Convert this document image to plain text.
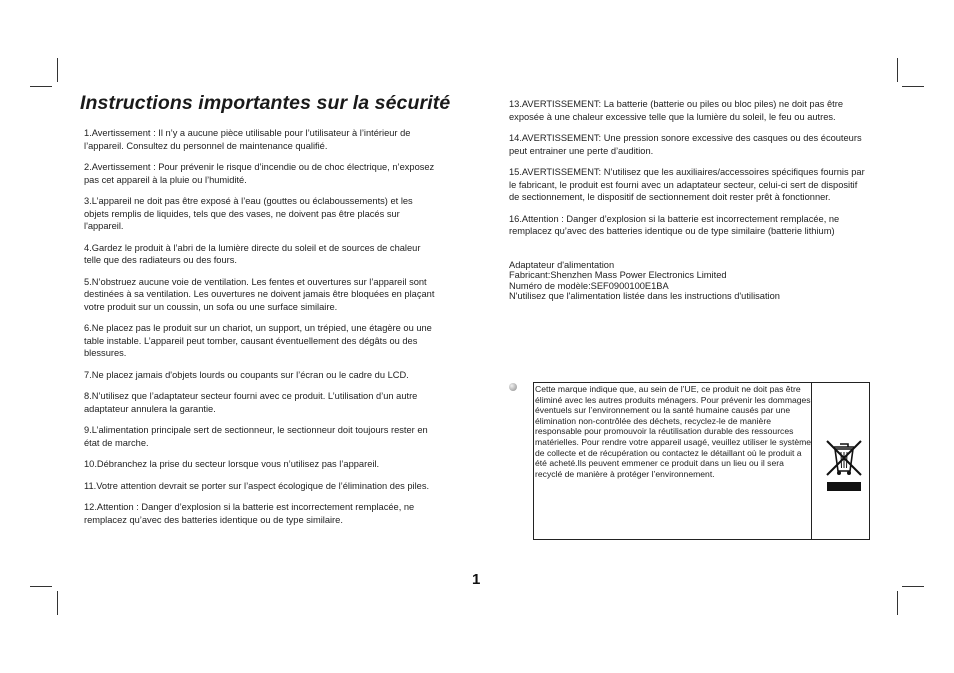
Instructions importantes sur la sécurité

1.Avertissement : Il n’y a aucune pièce utilisable pour l’utilisateur à l’intérieur de l’appareil. Consultez du personnel de maintenance qualifié.

2.Avertissement : Pour prévenir le risque d’incendie ou de choc électrique, n’exposez pas cet appareil à la pluie ou l’humidité.

3.L’appareil ne doit pas être exposé à l’eau (gouttes ou éclaboussements) et les objets remplis de liquides, tels que des vases, ne doivent pas être placés sur l'appareil.

4.Gardez le produit à l’abri de la lumière directe du soleil et de sources de chaleur telle que des radiateurs ou des fours.

5.N’obstruez aucune voie de ventilation. Les fentes et ouvertures sur l’appareil sont destinées à sa ventilation. Les ouvertures ne doivent jamais être bloquées en plaçant votre produit sur un coussin, un sofa ou une surface similaire.

6.Ne placez pas le produit sur un chariot, un support, un trépied, une étagère ou une
table instable. L’appareil peut tomber, causant éventuellement des dégâts ou des blessures.

7.Ne placez jamais d'objets lourds ou coupants sur l’écran ou le cadre du LCD.

8.N’utilisez que l’adaptateur secteur fourni avec ce produit. L’utilisation d’un autre adaptateur annulera la garantie.

9.L’alimentation principale sert de sectionneur, le sectionneur doit toujours rester en état de marche.

10.Débranchez la prise du secteur lorsque vous n’utilisez pas l’appareil.

11.Votre attention devrait se porter sur l’aspect écologique de l’élimination des piles.

12.Attention : Danger d’explosion si la batterie est incorrectement remplacée, ne remplacez qu’avec des batteries identique ou de type similaire.

1

13.AVERTISSEMENT: La batterie (batterie ou piles ou bloc piles) ne doit pas être exposée à une chaleur excessive telle que la lumière du soleil, le feu ou autres.

14.AVERTISSEMENT: Une pression sonore excessive des casques ou des écouteurs peut entrainer une perte d’audition.

15.AVERTISSEMENT: N’utilisez que les auxiliaires/accessoires spécifiques fournis par le fabricant, le produit est fourni avec un adaptateur secteur, celui-ci sert de dispositif de sectionnement, le dispositif de sectionnement doit rester prêt à fonctionner.

16.Attention : Danger d’explosion si la batterie est incorrectement remplacée, ne remplacez qu’avec des batteries identique ou de type similaire (batterie lithium)

Adaptateur d'alimentation

Fabricant:Shenzhen Mass Power Electronics Limited

Numéro de modèle:SEF0900100E1BA

N'utilisez que l'alimentation listée dans les instructions d'utilisation

Cette marque indique que, au sein de l’UE, ce produit ne doit pas être éliminé avec les autres produits ménagers. Pour prévenir les dommages éventuels sur l’environnement ou la santé humaine causés par une élimination non-contrôlée des déchets, recyclez-le de manière responsable pour promouvoir la réutilisation durable des ressources matérielles. Pour rendre votre appareil usagé, veuillez utiliser le système de collecte et de récupération ou contactez le détaillant où le produit a été acheté.Ils peuvent emmener ce produit dans un lieu ou il sera recyclé de manière à protéger l’environnement.
